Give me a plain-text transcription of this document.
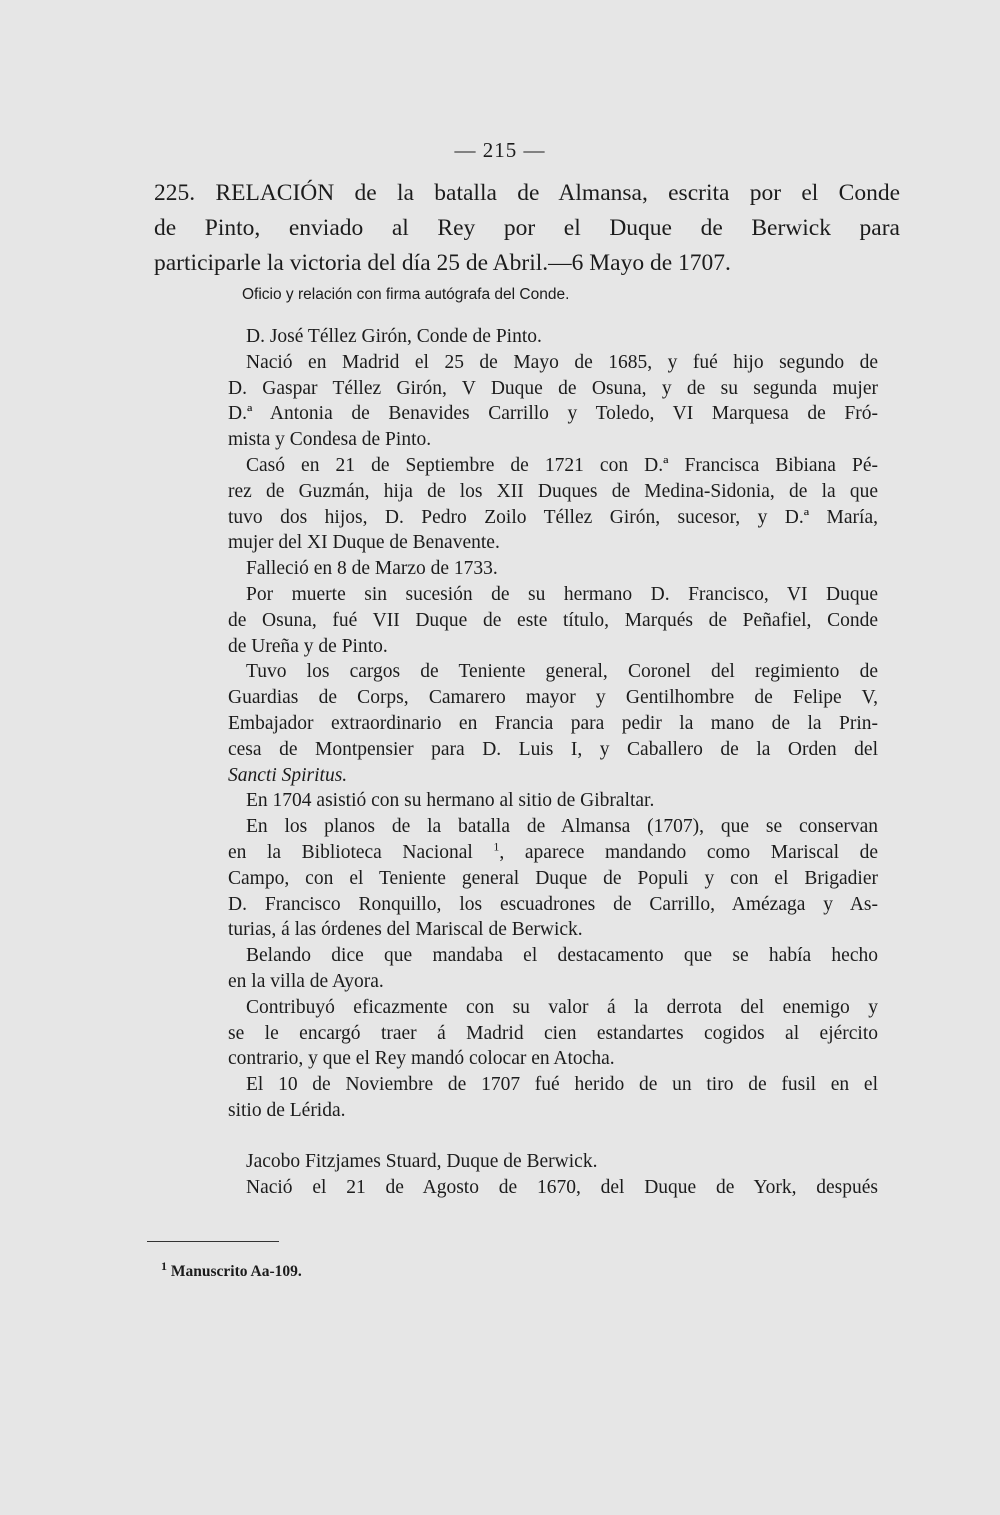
— 215 —
225. RELACIÓN de la batalla de Almansa, escrita por el Conde
de Pinto, enviado al Rey por el Duque de Berwick para
participarle la victoria del día 25 de Abril.—6 Mayo de 1707.
Oficio y relación con firma autógrafa del Conde.

D. José Téllez Girón, Conde de Pinto.

Nació en Madrid el 25 de Mayo de 1685, y fué hijo segundo de
D. Gaspar Téllez Girón, V Duque de Osuna, y de su segunda mujer
D.ª Antonia de Benavides Carrillo y Toledo, VI Marquesa de Fró-
mista y Condesa de Pinto.

Casó en 21 de Septiembre de 1721 con D.ª Francisca Bibiana Pé-
rez de Guzmán, hija de los XII Duques de Medina-Sidonia, de la que
tuvo dos hijos, D. Pedro Zoilo Téllez Girón, sucesor, y D.ª María,
mujer del XI Duque de Benavente.

Falleció en 8 de Marzo de 1733.

Por muerte sin sucesión de su hermano D. Francisco, VI Duque
de Osuna, fué VII Duque de este título, Marqués de Peñafiel, Conde
de Ureña y de Pinto.

Tuvo los cargos de Teniente general, Coronel del regimiento de
Guardias de Corps, Camarero mayor y Gentilhombre de Felipe V,
Embajador extraordinario en Francia para pedir la mano de la Prin-
cesa de Montpensier para D. Luis I, y Caballero de la Orden del
Sancti Spiritus.

En 1704 asistió con su hermano al sitio de Gibraltar.

En los planos de la batalla de Almansa (1707), que se conservan
en la Biblioteca Nacional $^1$, aparece mandando como Mariscal de
Campo, con el Teniente general Duque de Populi y con el Brigadier
D. Francisco Ronquillo, los escuadrones de Carrillo, Amézaga y As-
turias, á las órdenes del Mariscal de Berwick.

Belando dice que mandaba el destacamento que se había hecho
en la villa de Ayora.

Contribuyó eficazmente con su valor á la derrota del enemigo y
se le encargó traer á Madrid cien estandartes cogidos al ejército
contrario, y que el Rey mandó colocar en Atocha.

El 10 de Noviembre de 1707 fué herido de un tiro de fusil en el
sitio de Lérida.

Jacobo Fitzjames Stuard, Duque de Berwick.

Nació el 21 de Agosto de 1670, del Duque de York, después

$^1$ Manuscrito Aa-109.
